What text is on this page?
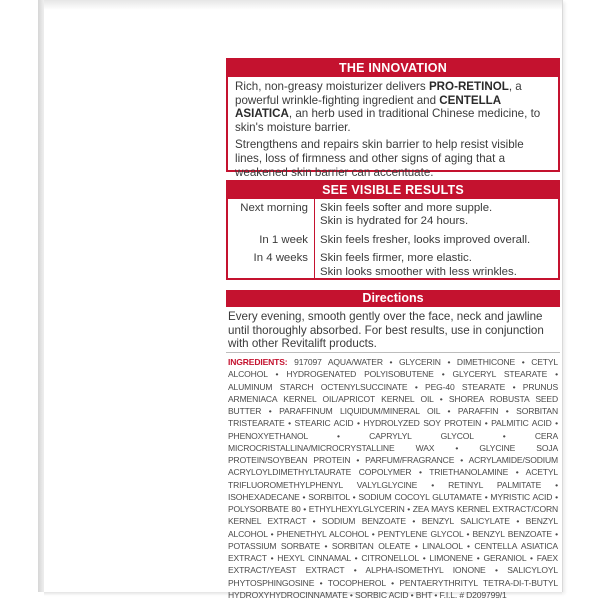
THE INNOVATION

Rich, non-greasy moisturizer delivers PRO-RETINOL, a powerful wrinkle-fighting ingredient and CENTELLA ASIATICA, an herb used in traditional Chinese medicine, to skin's moisture barrier.

Strengthens and repairs skin barrier to help resist visible lines, loss of firmness and other signs of aging that a weakened skin barrier can accentuate.

SEE VISIBLE RESULTS
Next morning	Skin feels softer and more supple.
Skin is hydrated for 24 hours.

In 1 week	Skin feels fresher, looks improved overall.

In 4 weeks	Skin feels firmer, more elastic.
Skin looks smoother with less wrinkles.
Directions
Every evening, smooth gently over the face, neck and jawline until thoroughly absorbed. For best results, use in conjunction with other Revitalift products.
INGREDIENTS: 917097 AQUA/WATER • GLYCERIN • DIMETHICONE • CETYL ALCOHOL • HYDROGENATED POLYISOBUTENE • GLYCERYL STEARATE • ALUMINUM STARCH OCTENYLSUCCINATE • PEG-40 STEARATE • PRUNUS ARMENIACA KERNEL OIL/APRICOT KERNEL OIL • SHOREA ROBUSTA SEED BUTTER • PARAFFINUM LIQUIDUM/MINERAL OIL • PARAFFIN • SORBITAN TRISTEARATE • STEARIC ACID • HYDROLYZED SOY PROTEIN • PALMITIC ACID • PHENOXYETHANOL • CAPRYLYL GLYCOL • CERA MICROCRISTALLINA/MICROCRYSTALLINE WAX • GLYCINE SOJA PROTEIN/SOYBEAN PROTEIN • PARFUM/FRAGRANCE • ACRYLAMIDE/SODIUM ACRYLOYLDIMETHYLTAURATE COPOLYMER • TRIETHANOLAMINE • ACETYL TRIFLUOROMETHYLPHENYL VALYLGLYCINE • RETINYL PALMITATE • ISOHEXADECANE • SORBITOL • SODIUM COCOYL GLUTAMATE • MYRISTIC ACID • POLYSORBATE 80 • ETHYLHEXYLGLYCERIN • ZEA MAYS KERNEL EXTRACT/CORN KERNEL EXTRACT • SODIUM BENZOATE • BENZYL SALICYLATE • BENZYL ALCOHOL • PHENETHYL ALCOHOL • PENTYLENE GLYCOL • BENZYL BENZOATE • POTASSIUM SORBATE • SORBITAN OLEATE • LINALOOL • CENTELLA ASIATICA EXTRACT • HEXYL CINNAMAL • CITRONELLOL • LIMONENE • GERANIOL • FAEX EXTRACT/YEAST EXTRACT • ALPHA-ISOMETHYL IONONE • SALICYLOYL PHYTOSPHINGOSINE • TOCOPHEROL • PENTAERYTHRITYL TETRA-DI-T-BUTYL HYDROXYHYDROCINNAMATE • SORBIC ACID • BHT • F.I.L. # D209799/1
